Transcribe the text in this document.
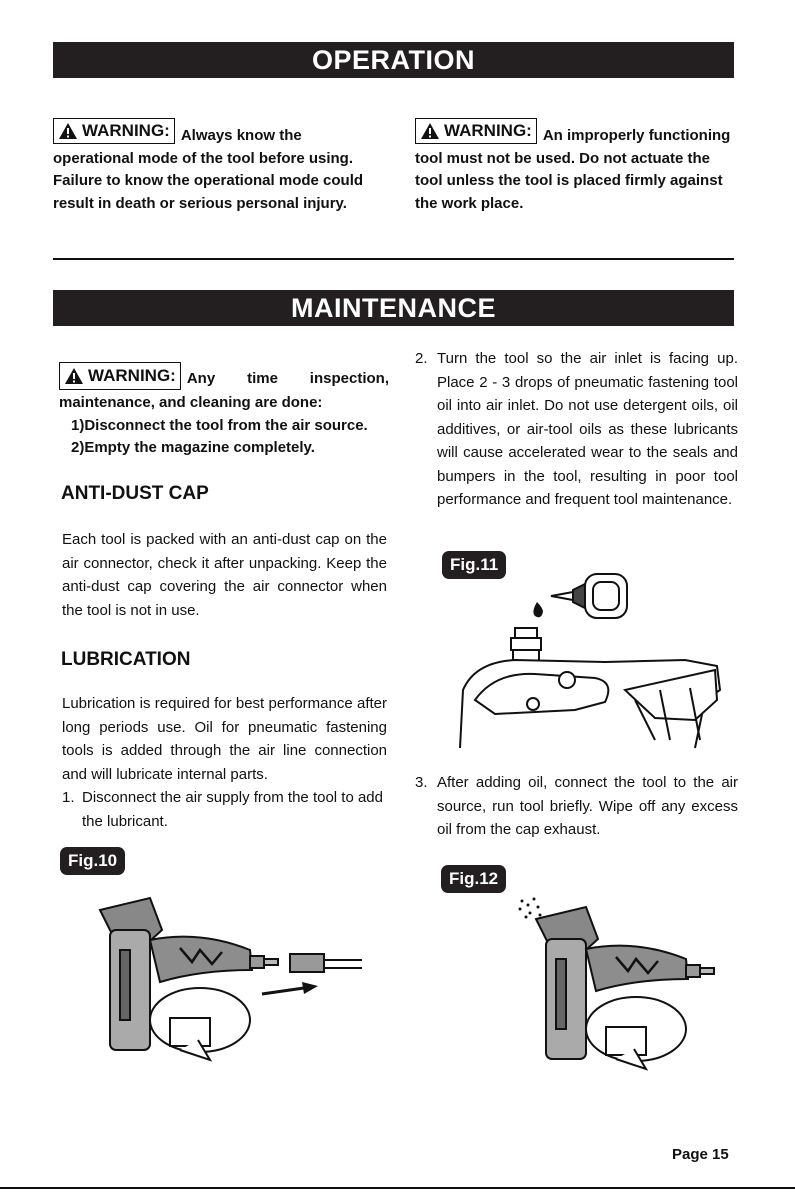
OPERATION
WARNING: Always know the operational mode of the tool before using. Failure to know the operational mode could result in death or serious personal injury.
WARNING: An improperly functioning tool must not be used. Do not actuate the tool unless the tool is placed firmly against the work place.
MAINTENANCE
WARNING: Any time inspection,
maintenance, and cleaning are done:
1)Disconnect the tool from the air source.
2)Empty the magazine completely.
ANTI-DUST CAP
Each tool is packed with an anti-dust cap on the air connector, check it after unpacking. Keep the anti-dust cap covering the air connector when the tool is not in use.
LUBRICATION
Lubrication is required for best performance after long periods use. Oil for pneumatic fastening tools is added through the air line connection and will lubricate internal parts.
1. Disconnect the air supply from the tool to add the lubricant.
2. Turn the tool so the air inlet is facing up. Place 2 - 3 drops of pneumatic fastening tool oil into air inlet. Do not use detergent oils, oil additives, or air-tool oils as these lubricants will cause accelerated wear to the seals and bumpers in the tool, resulting in poor tool performance and frequent tool maintenance.
Fig.11
3. After adding oil, connect the tool to the air source, run tool briefly. Wipe off any excess oil from the cap exhaust.
Fig.10
Fig.12
Page 15
